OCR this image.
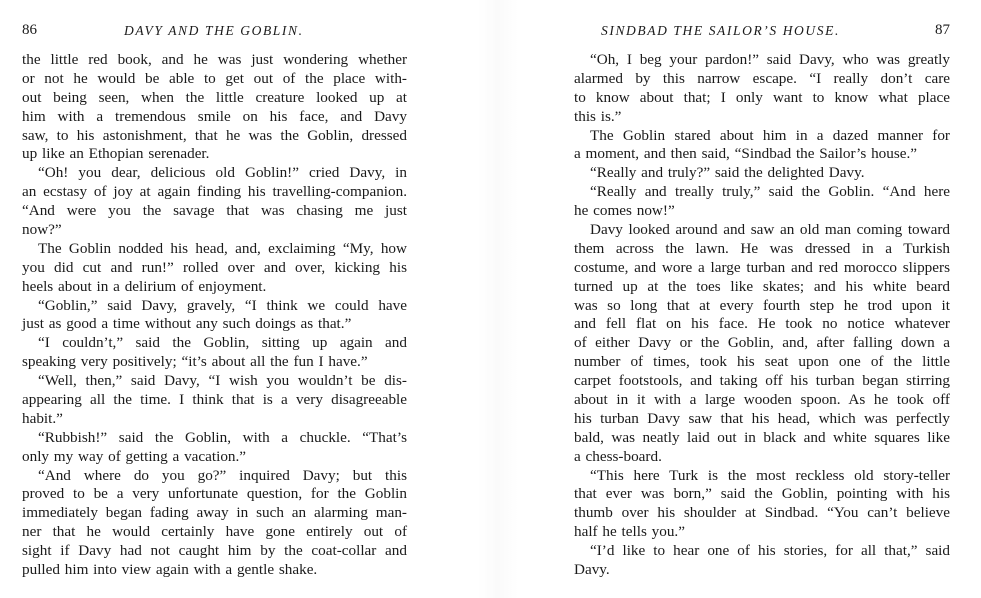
86	DAVY AND THE GOBLIN.
the little red book, and he was just wondering whether
or not he would be able to get out of the place with-
out being seen, when the little creature looked up at
him with a tremendous smile on his face, and Davy
saw, to his astonishment, that he was the Goblin, dressed
up like an Ethopian serenader.
“Oh! you dear, delicious old Goblin!” cried Davy, in
an ecstasy of joy at again finding his travelling-companion.
“And were you the savage that was chasing me just
now?”
The Goblin nodded his head, and, exclaiming “My, how
you did cut and run!” rolled over and over, kicking his
heels about in a delirium of enjoyment.
“Goblin,” said Davy, gravely, “I think we could have
just as good a time without any such doings as that.”
“I couldn’t,” said the Goblin, sitting up again and
speaking very positively; “it’s about all the fun I have.”
“Well, then,” said Davy, “I wish you wouldn’t be dis-
appearing all the time. I think that is a very disagreeable
habit.”
“Rubbish!” said the Goblin, with a chuckle. “That’s
only my way of getting a vacation.”
“And where do you go?” inquired Davy; but this
proved to be a very unfortunate question, for the Goblin
immediately began fading away in such an alarming man-
ner that he would certainly have gone entirely out of
sight if Davy had not caught him by the coat-collar and
pulled him into view again with a gentle shake.
SINDBAD THE SAILOR’S HOUSE.	87
“Oh, I beg your pardon!” said Davy, who was greatly
alarmed by this narrow escape. “I really don’t care
to know about that; I only want to know what place
this is.”
The Goblin stared about him in a dazed manner for
a moment, and then said, “Sindbad the Sailor’s house.”
“Really and truly?” said the delighted Davy.
“Really and treally truly,” said the Goblin. “And here
he comes now!”
Davy looked around and saw an old man coming toward
them across the lawn. He was dressed in a Turkish
costume, and wore a large turban and red morocco slippers
turned up at the toes like skates; and his white beard
was so long that at every fourth step he trod upon it
and fell flat on his face. He took no notice whatever
of either Davy or the Goblin, and, after falling down a
number of times, took his seat upon one of the little
carpet footstools, and taking off his turban began stirring
about in it with a large wooden spoon. As he took off
his turban Davy saw that his head, which was perfectly
bald, was neatly laid out in black and white squares like
a chess-board.
“This here Turk is the most reckless old story-teller
that ever was born,” said the Goblin, pointing with his
thumb over his shoulder at Sindbad. “You can’t believe
half he tells you.”
“I’d like to hear one of his stories, for all that,” said
Davy.
